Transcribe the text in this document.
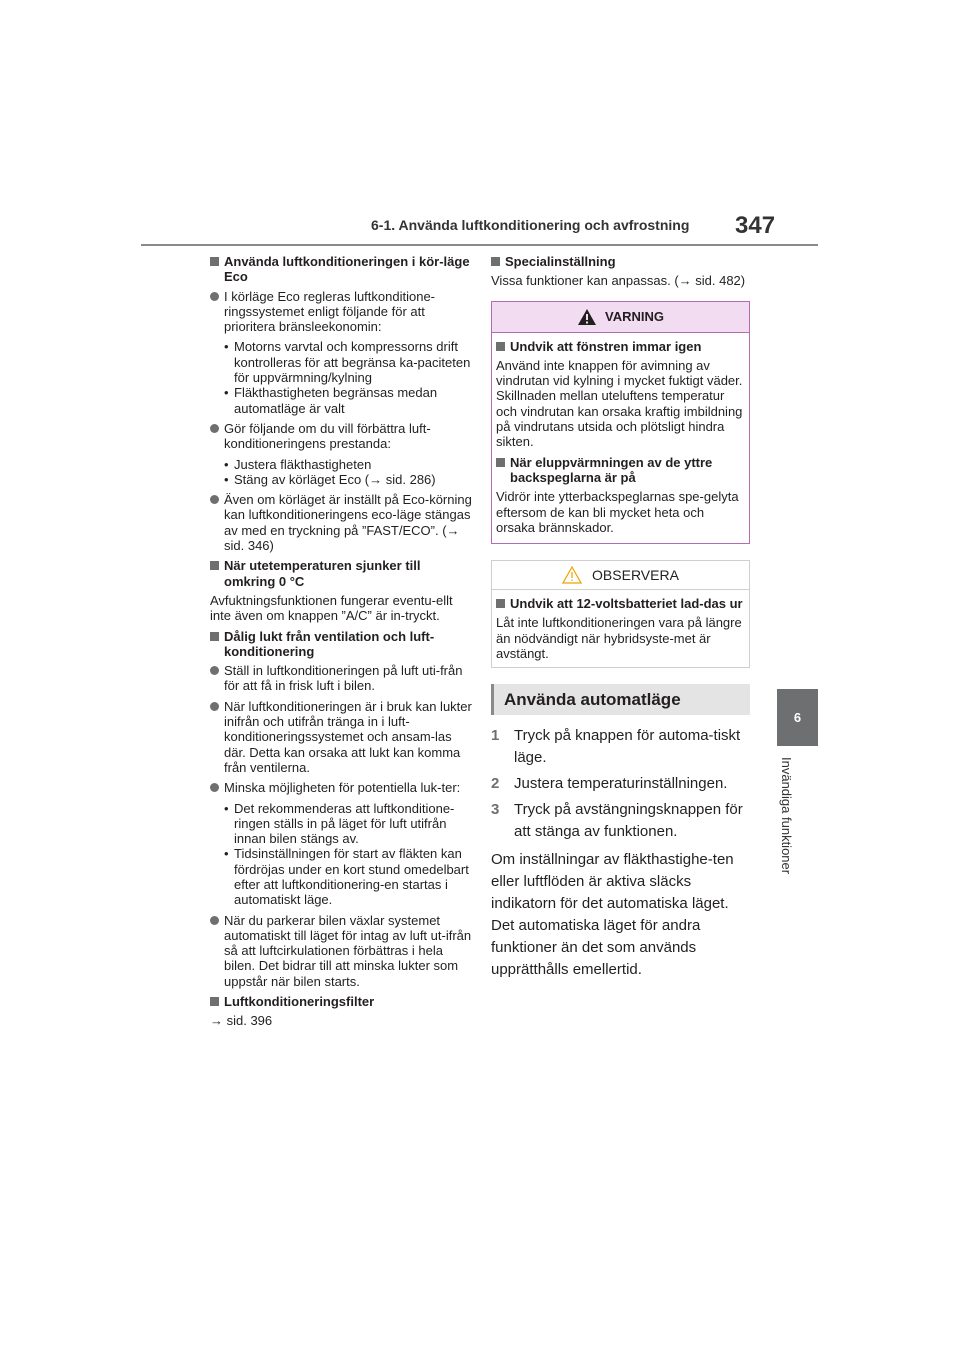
6-1. Använda luftkonditionering och avfrostning 347
6
Invändiga funktioner
Använda luftkonditioneringen i kör-läge Eco
I körläge Eco regleras luftkonditione-ringssystemet enligt följande för att prioritera bränsleekonomin:
• Motorns varvtal och kompressorns drift kontrolleras för att begränsa ka-paciteten för uppvärmning/kylning
• Fläkthastigheten begränsas medan automatläge är valt
Gör följande om du vill förbättra luft-konditioneringens prestanda:
• Justera fläkthastigheten
• Stäng av körläget Eco (→ sid. 286)
Även om körläget är inställt på Eco-körning kan luftkonditioneringens eco-läge stängas av med en tryckning på ”FAST/ECO”. (→ sid. 346)
När utetemperaturen sjunker till omkring 0 °C
Avfuktningsfunktionen fungerar eventu-ellt inte även om knappen ”A/C” är in-tryckt.
Dålig lukt från ventilation och luft-konditionering
Ställ in luftkonditioneringen på luft uti-från för att få in frisk luft i bilen.
När luftkonditioneringen är i bruk kan lukter inifrån och utifrån tränga in i luft-konditioneringssystemet och ansam-las där. Detta kan orsaka att lukt kan komma från ventilerna.
Minska möjligheten för potentiella luk-ter:
• Det rekommenderas att luftkonditione-ringen ställs in på läget för luft utifrån innan bilen stängs av.
• Tidsinställningen för start av fläkten kan fördröjas under en kort stund omedelbart efter att luftkonditionering-en startas i automatiskt läge.
När du parkerar bilen växlar systemet automatiskt till läget för intag av luft ut-ifrån så att luftcirkulationen förbättras i hela bilen. Det bidrar till att minska lukter som uppstår när bilen starts.
Luftkonditioneringsfilter
→ sid. 396
Specialinställning
Vissa funktioner kan anpassas. (→ sid. 482)
VARNING
Undvik att fönstren immar igen
Använd inte knappen för avimning av vindrutan vid kylning i mycket fuktigt väder. Skillnaden mellan uteluftens temperatur och vindrutan kan orsaka kraftig imbildning på vindrutans utsida och plötsligt hindra sikten.
När eluppvärmningen av de yttre backspeglarna är på
Vidrör inte ytterbackspeglarnas spe-gelyta eftersom de kan bli mycket heta och orsaka brännskador.
OBSERVERA
Undvik att 12-voltsbatteriet lad-das ur
Låt inte luftkonditioneringen vara på längre än nödvändigt när hybridsyste-met är avstängt.
Använda automatläge
1 Tryck på knappen för automa-tiskt läge.
2 Justera temperaturinställningen.
3 Tryck på avstängningsknappen för att stänga av funktionen.
Om inställningar av fläkthastighe-ten eller luftflöden är aktiva släcks indikatorn för det automatiska läget. Det automatiska läget för andra funktioner än det som används upprätthålls emellertid.
